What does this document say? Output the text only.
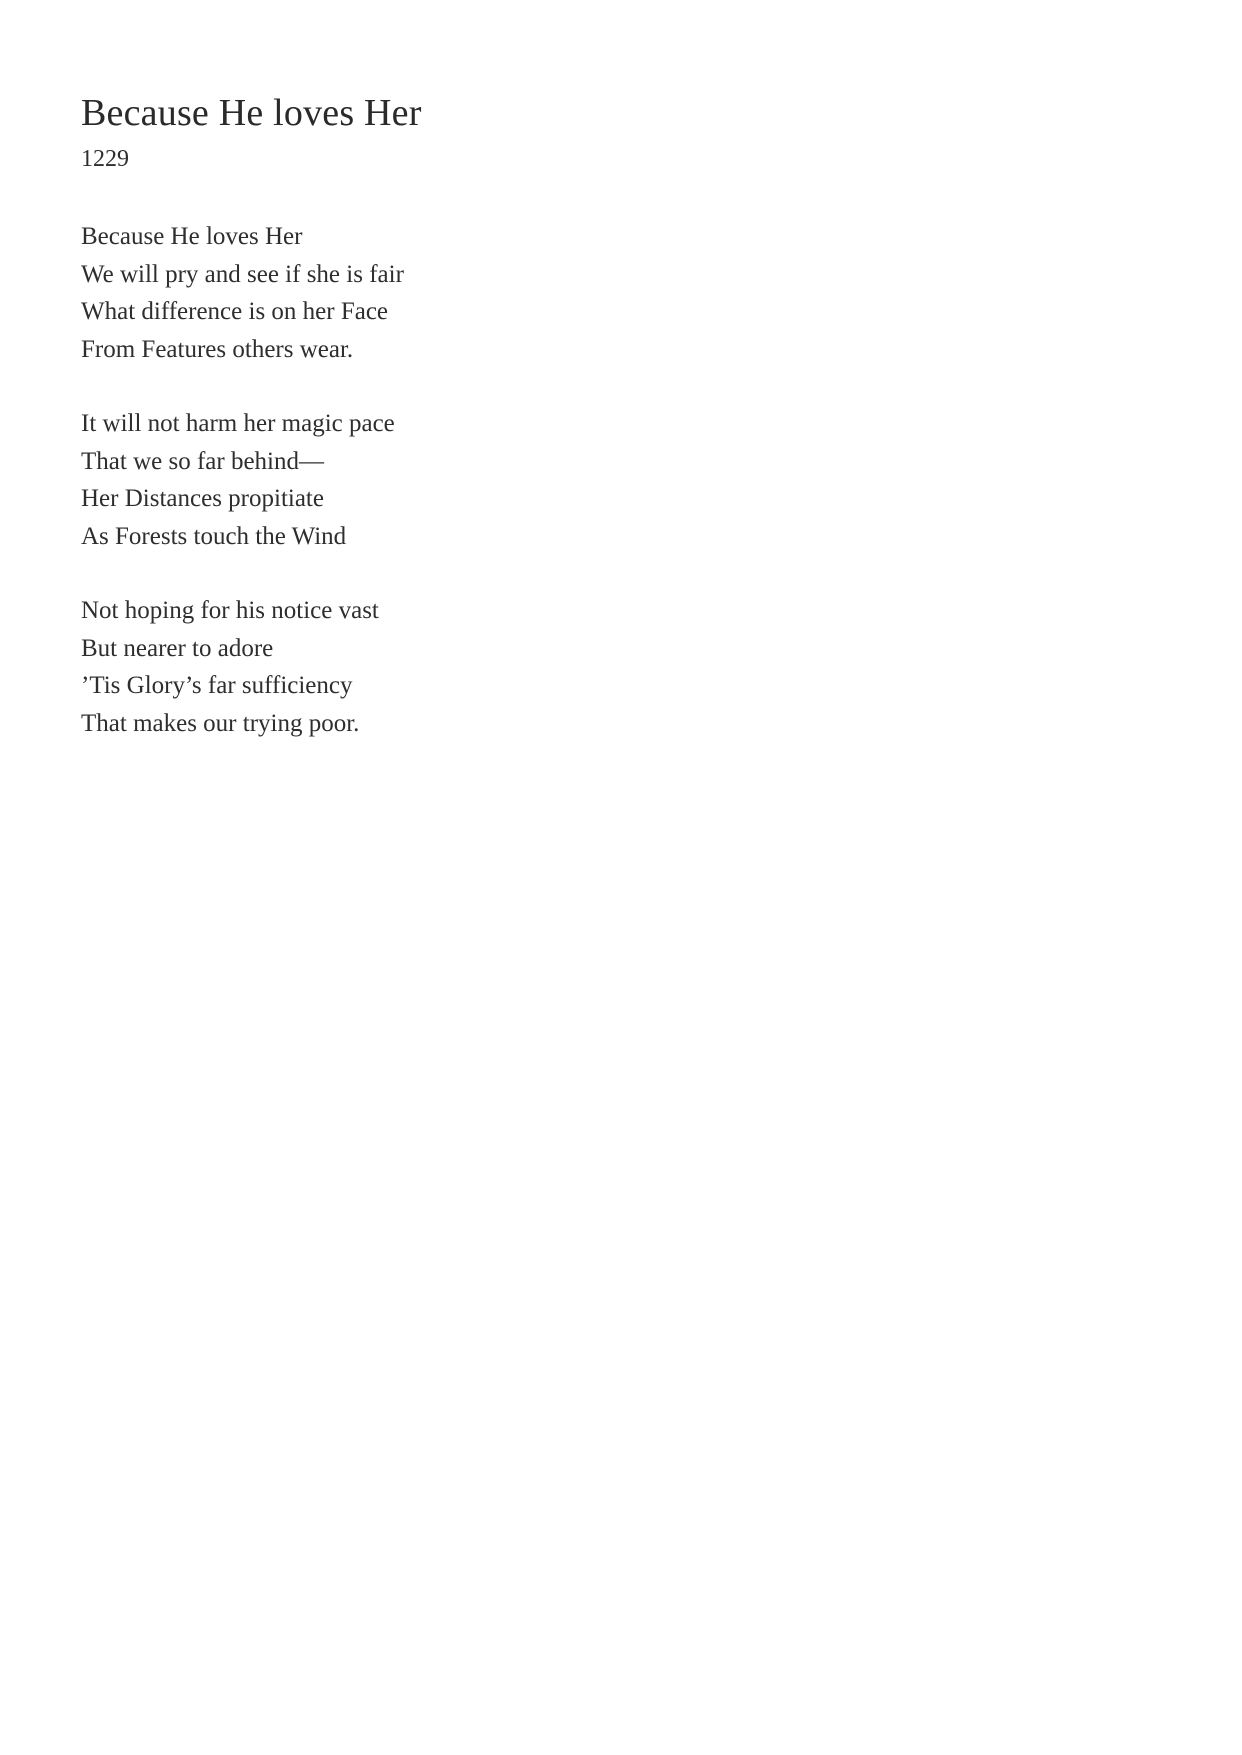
Because He loves Her
1229
Because He loves Her
We will pry and see if she is fair
What difference is on her Face
From Features others wear.
It will not harm her magic pace
That we so far behind—
Her Distances propitiate
As Forests touch the Wind
Not hoping for his notice vast
But nearer to adore
’Tis Glory’s far sufficiency
That makes our trying poor.
